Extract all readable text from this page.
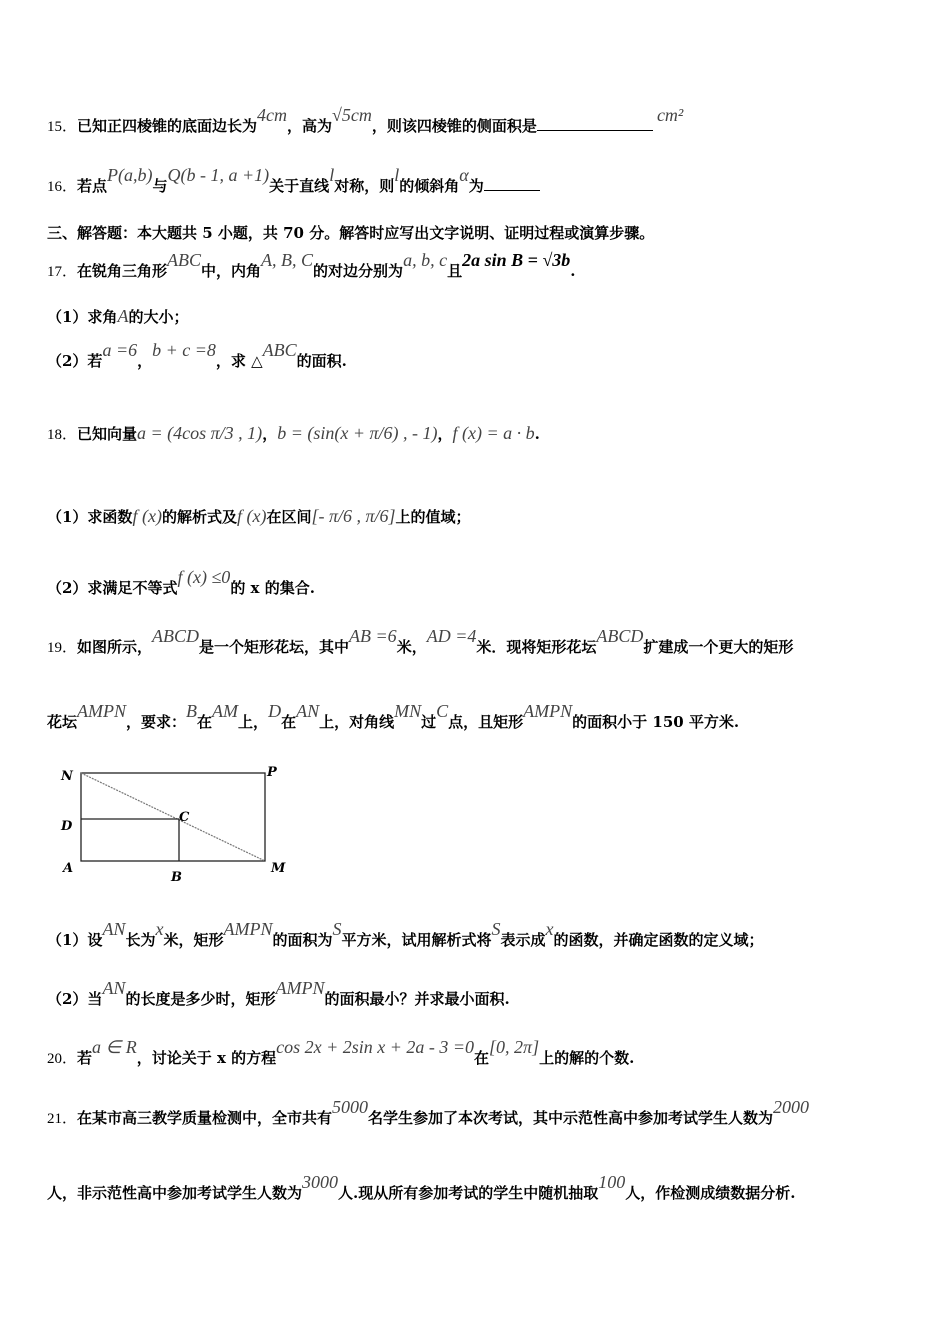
15．已知正四棱锥的底面边长为4cm，高为√5cm，则该四棱锥的侧面积是cm²
16．若点P(a,b)与Q(b - 1, a +1)关于直线l对称，则l的倾斜角α为
三、解答题：本大题共 5 小题，共 70 分。解答时应写出文字说明、证明过程或演算步骤。
17．在锐角三角形ABC中，内角A, B, C的对边分别为a, b, c且2a sin B = √3b.
（1）求角A的大小；
（2）若a =6，b + c =8，求 △ABC的面积.
18．已知向量a = (4cos π/3 , 1)，b = (sin(x + π/6) , - 1)，f (x) = a · b.
（1）求函数f (x)的解析式及f (x)在区间[- π/6 , π/6]上的值域；
（2）求满足不等式f (x) ≤0的 x 的集合.
19．如图所示，ABCD是一个矩形花坛，其中AB =6米，AD =4米．现将矩形花坛ABCD扩建成一个更大的矩形
花坛AMPN，要求：B在AM上，D在AN上，对角线MN过C点，且矩形AMPN的面积小于 150 平方米.
N	P
D
C
A
B
M
（1）设AN长为x米，矩形AMPN的面积为S平方米，试用解析式将S表示成x的函数，并确定函数的定义域；
（2）当AN的长度是多少时，矩形AMPN的面积最小？并求最小面积.
20．若a ∈ R，讨论关于 x 的方程cos 2x + 2sin x + 2a - 3 =0在[0, 2π]上的解的个数.
21．在某市高三教学质量检测中，全市共有5000名学生参加了本次考试，其中示范性高中参加考试学生人数为2000
人，非示范性高中参加考试学生人数为3000人.现从所有参加考试的学生中随机抽取100人，作检测成绩数据分析.
